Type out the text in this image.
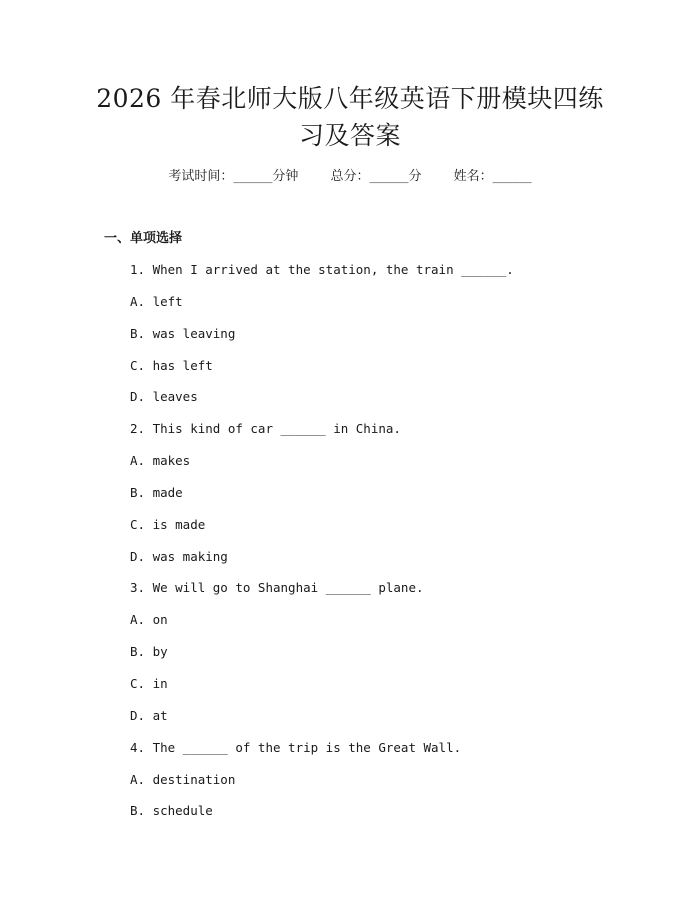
2026 年春北师大版八年级英语下册模块四练
习及答案
考试时间：______分钟 总分：______分 姓名：______
一、单项选择
1. When I arrived at the station, the train ______.
A. left
B. was leaving
C. has left
D. leaves
2. This kind of car ______ in China.
A. makes
B. made
C. is made
D. was making
3. We will go to Shanghai ______ plane.
A. on
B. by
C. in
D. at
4. The ______ of the trip is the Great Wall.
A. destination
B. schedule
